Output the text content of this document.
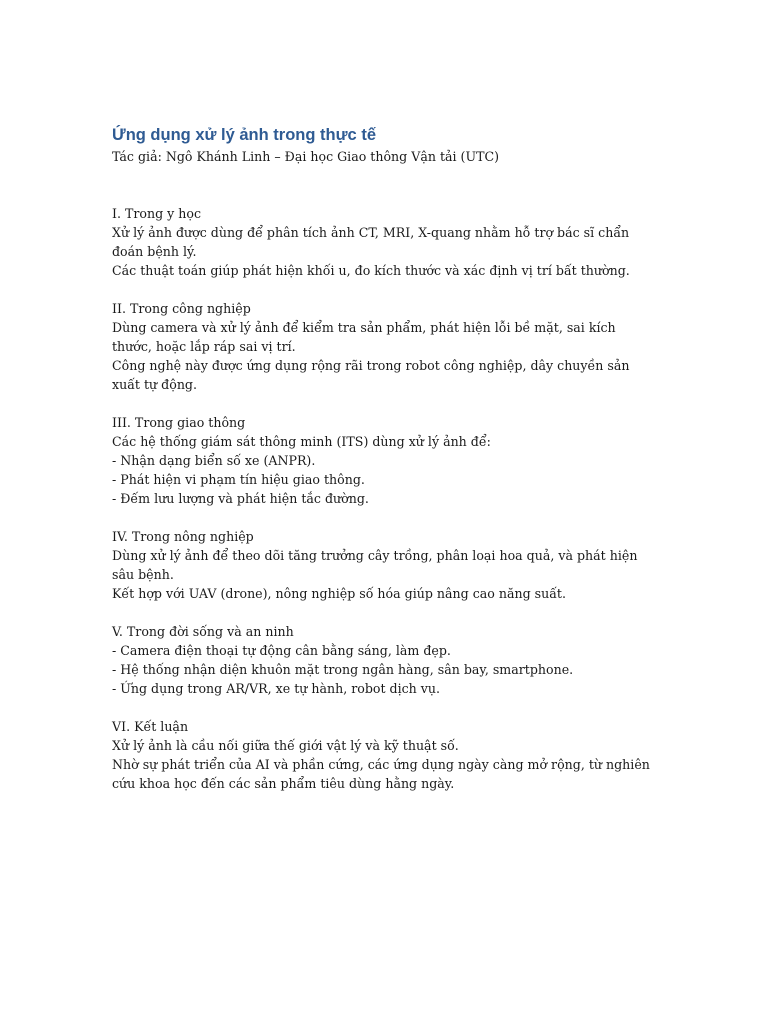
Ứng dụng xử lý ảnh trong thực tế

Tác giả: Ngô Khánh Linh – Đại học Giao thông Vận tải (UTC)

I. Trong y học

Xử lý ảnh được dùng để phân tích ảnh CT, MRI, X-quang nhằm hỗ trợ bác sĩ chẩn đoán bệnh lý.

Các thuật toán giúp phát hiện khối u, đo kích thước và xác định vị trí bất thường.

II. Trong công nghiệp

Dùng camera và xử lý ảnh để kiểm tra sản phẩm, phát hiện lỗi bề mặt, sai kích thước, hoặc lắp ráp sai vị trí.

Công nghệ này được ứng dụng rộng rãi trong robot công nghiệp, dây chuyền sản xuất tự động.

III. Trong giao thông

Các hệ thống giám sát thông minh (ITS) dùng xử lý ảnh để:

- Nhận dạng biển số xe (ANPR).

- Phát hiện vi phạm tín hiệu giao thông.

- Đếm lưu lượng và phát hiện tắc đường.

IV. Trong nông nghiệp

Dùng xử lý ảnh để theo dõi tăng trưởng cây trồng, phân loại hoa quả, và phát hiện sâu bệnh.

Kết hợp với UAV (drone), nông nghiệp số hóa giúp nâng cao năng suất.

V. Trong đời sống và an ninh

- Camera điện thoại tự động cân bằng sáng, làm đẹp.

- Hệ thống nhận diện khuôn mặt trong ngân hàng, sân bay, smartphone.

- Ứng dụng trong AR/VR, xe tự hành, robot dịch vụ.

VI. Kết luận

Xử lý ảnh là cầu nối giữa thế giới vật lý và kỹ thuật số.

Nhờ sự phát triển của AI và phần cứng, các ứng dụng ngày càng mở rộng, từ nghiên cứu khoa học đến các sản phẩm tiêu dùng hằng ngày.
